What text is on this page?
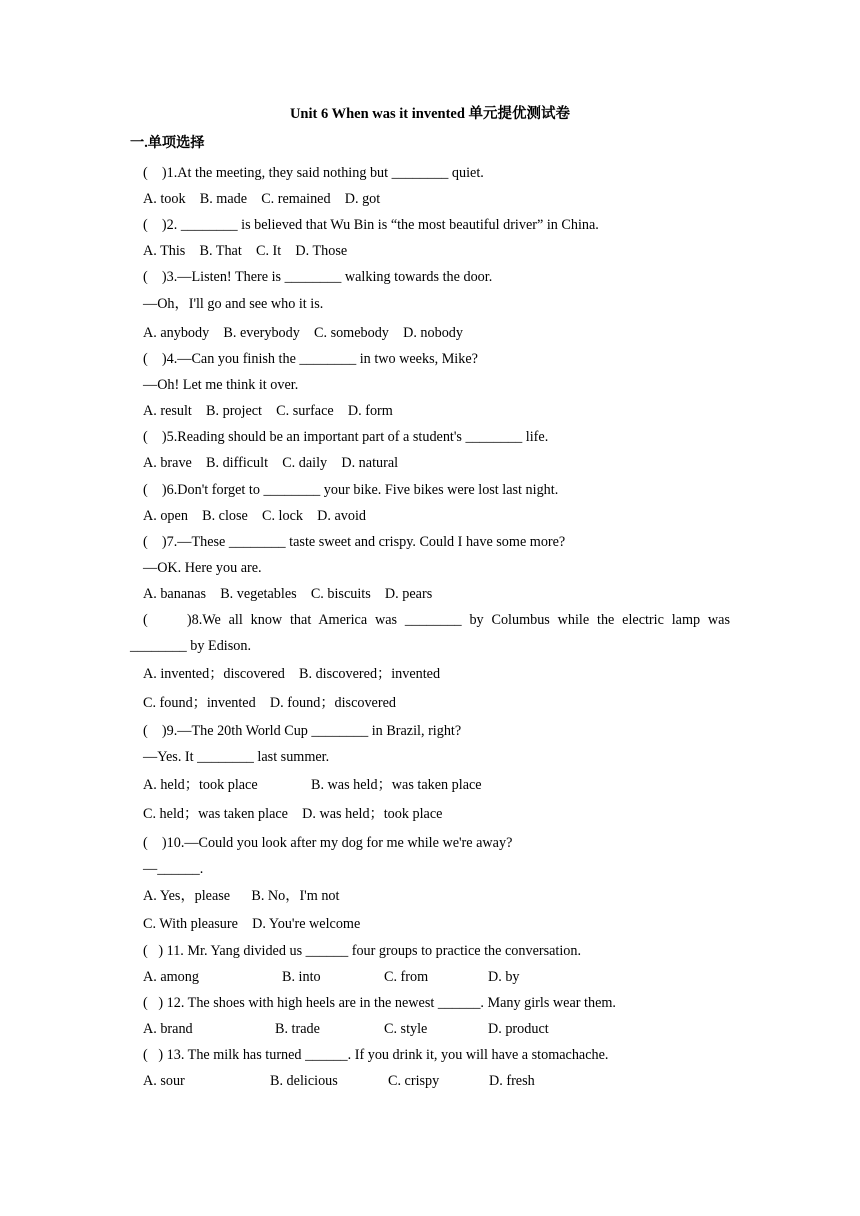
Unit 6 When was it invented 单元提优测试卷
一.单项选择
(    )1.At the meeting, they said nothing but ________ quiet.
A. took    B. made    C. remained    D. got
(    )2. ________ is believed that Wu Bin is “the most beautiful driver” in China.
A. This    B. That    C. It    D. Those
(    )3.—Listen! There is ________ walking towards the door.
—Oh，I'll go and see who it is.
A. anybody    B. everybody    C. somebody    D. nobody
(    )4.—Can you finish the ________ in two weeks, Mike?
—Oh! Let me think it over.
A. result    B. project    C. surface    D. form
(    )5.Reading should be an important part of a student's ________ life.
A. brave    B. difficult    C. daily    D. natural
(    )6.Don't forget to ________ your bike. Five bikes were lost last night.
A. open    B. close    C. lock    D. avoid
(    )7.—These ________ taste sweet and crispy. Could I have some more?
—OK. Here you are.
A. bananas    B. vegetables    C. biscuits    D. pears
(     )8.We all know that America was ________ by Columbus while the electric lamp was
________ by Edison.
A. invented；discovered    B. discovered；invented
C. found；invented    D. found；discovered
(    )9.—The 20th World Cup ________ in Brazil, right?
—Yes. It ________ last summer.
A. held；took place	B. was held；was taken place
C. held；was taken place    D. was held；took place
(    )10.—Could you look after my dog for me while we're away?
—______.
A. Yes，please      B. No，I'm not
C. With pleasure    D. You're welcome
(   ) 11. Mr. Yang divided us ______ four groups to practice the conversation.
A. among	B. into	C. from	D. by
(   ) 12. The shoes with high heels are in the newest ______. Many girls wear them.
A. brand	B. trade	C. style	D. product
(   ) 13. The milk has turned ______. If you drink it, you will have a stomachache.
A. sour	B. delicious	C. crispy	D. fresh
